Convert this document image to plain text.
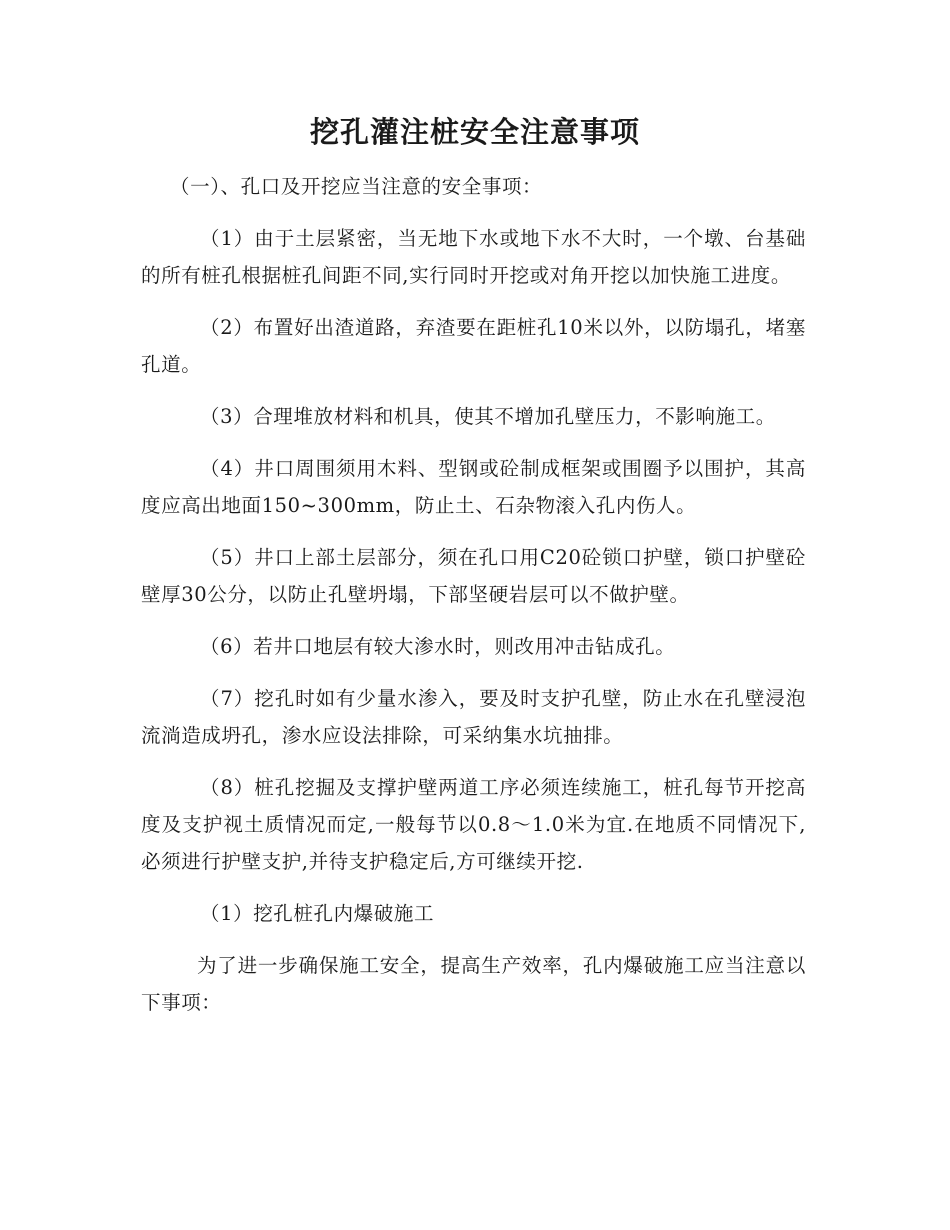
挖孔灌注桩安全注意事项

（一）、孔口及开挖应当注意的安全事项：

（1）由于土层紧密，当无地下水或地下水不大时，一个墩、台基础的所有桩孔根据桩孔间距不同,实行同时开挖或对角开挖以加快施工进度。

（2）布置好出渣道路，弃渣要在距桩孔10米以外，以防塌孔，堵塞孔道。

（3）合理堆放材料和机具，使其不增加孔壁压力，不影响施工。

（4）井口周围须用木料、型钢或砼制成框架或围圈予以围护，其高度应高出地面150~300mm，防止土、石杂物滚入孔内伤人。

（5）井口上部土层部分，须在孔口用C20砼锁口护壁，锁口护壁砼壁厚30公分，以防止孔壁坍塌，下部坚硬岩层可以不做护壁。

（6）若井口地层有较大渗水时，则改用冲击钻成孔。

（7）挖孔时如有少量水渗入，要及时支护孔壁，防止水在孔壁浸泡流淌造成坍孔，渗水应设法排除，可采纳集水坑抽排。

（8）桩孔挖掘及支撑护壁两道工序必须连续施工，桩孔每节开挖高度及支护视土质情况而定,一般每节以0.8～1.0米为宜.在地质不同情况下,必须进行护壁支护,并待支护稳定后,方可继续开挖.

（1）挖孔桩孔内爆破施工

为了进一步确保施工安全，提高生产效率，孔内爆破施工应当注意以下事项：
